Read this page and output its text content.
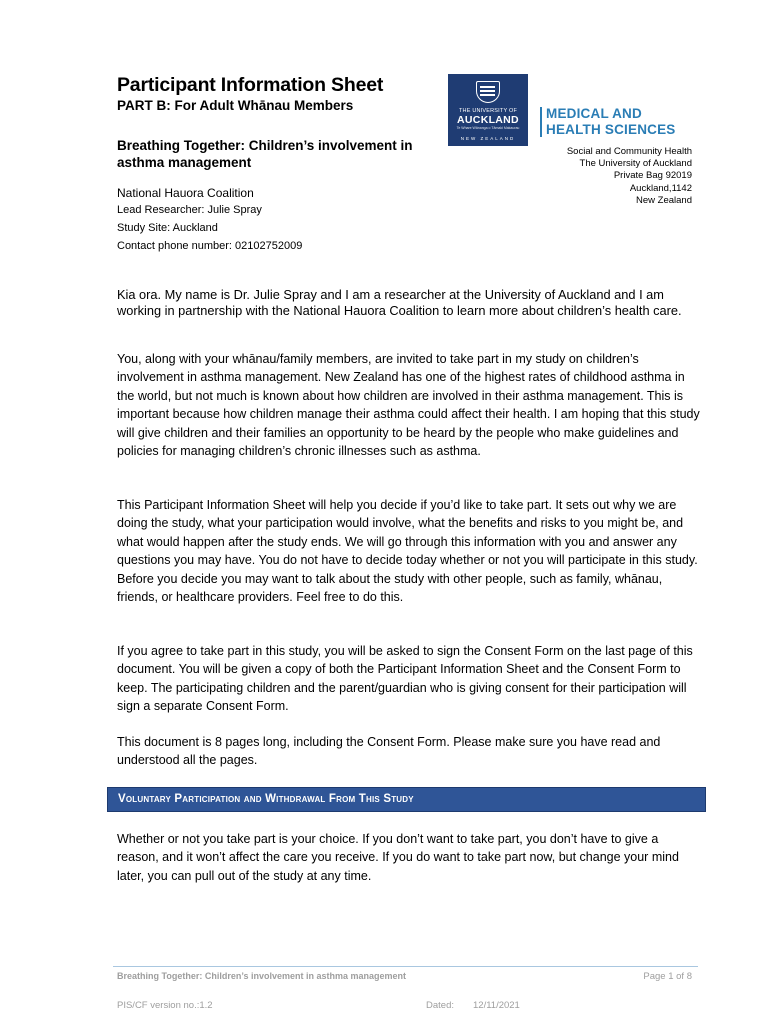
Participant Information Sheet
PART B: For Adult Whānau Members
Breathing Together: Children’s involvement in asthma management
National Hauora Coalition
Lead Researcher: Julie Spray
Study Site: Auckland
Contact phone number: 02102752009
THE UNIVERSITY OF
AUCKLAND
Te Whare Wānanga o Tāmaki Makaurau
NEW ZEALAND
MEDICAL AND
HEALTH SCIENCES
Social and Community Health
The University of Auckland
Private Bag 92019
Auckland,1142
New Zealand
Kia ora. My name is Dr. Julie Spray and I am a researcher at the University of Auckland and I am working in partnership with the National Hauora Coalition to learn more about children’s health care.
You, along with your whānau/family members, are invited to take part in my study on children’s involvement in asthma management. New Zealand has one of the highest rates of childhood asthma in the world, but not much is known about how children are involved in their asthma management. This is important because how children manage their asthma could affect their health. I am hoping that this study will give children and their families an opportunity to be heard by the people who make guidelines and policies for managing children’s chronic illnesses such as asthma.
This Participant Information Sheet will help you decide if you’d like to take part. It sets out why we are doing the study, what your participation would involve, what the benefits and risks to you might be, and what would happen after the study ends. We will go through this information with you and answer any questions you may have. You do not have to decide today whether or not you will participate in this study. Before you decide you may want to talk about the study with other people, such as family, whānau, friends, or healthcare providers. Feel free to do this.
If you agree to take part in this study, you will be asked to sign the Consent Form on the last page of this document. You will be given a copy of both the Participant Information Sheet and the Consent Form to keep. The participating children and the parent/guardian who is giving consent for their participation will sign a separate Consent Form.
This document is 8 pages long, including the Consent Form. Please make sure you have read and understood all the pages.
Voluntary Participation and Withdrawal From This Study
Whether or not you take part is your choice. If you don’t want to take part, you don’t have to give a reason, and it won’t affect the care you receive. If you do want to take part now, but change your mind later, you can pull out of the study at any time.
Breathing Together: Children’s involvement in asthma management	Page 1 of 8
PIS/CF version no.:1.2	Dated: 12/11/2021
